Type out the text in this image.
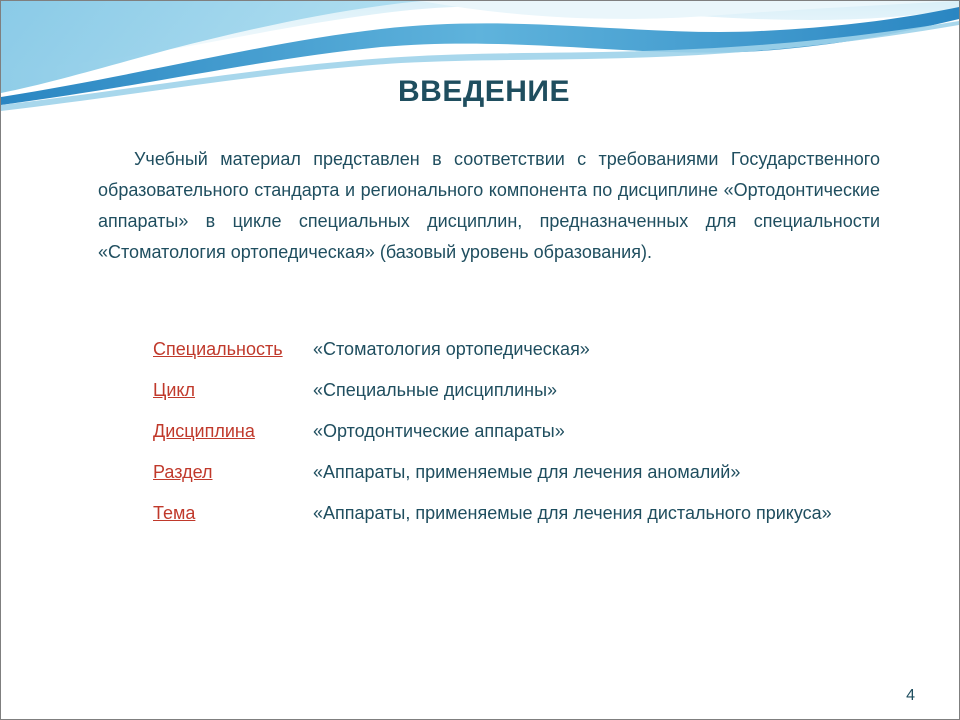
ВВЕДЕНИЕ

Учебный материал представлен в соответствии с требованиями Государственного образовательного стандарта и регионального компонента по дисциплине «Ортодонтические аппараты» в цикле специальных дисциплин, предназначенных для специальности «Стоматология ортопедическая» (базовый уровень образования).

Специальность	«Стоматология ортопедическая»
Цикл	«Специальные дисциплины»
Дисциплина	«Ортодонтические аппараты»
Раздел	«Аппараты, применяемые для лечения аномалий»
Тема	«Аппараты, применяемые для лечения дистального прикуса»
4
